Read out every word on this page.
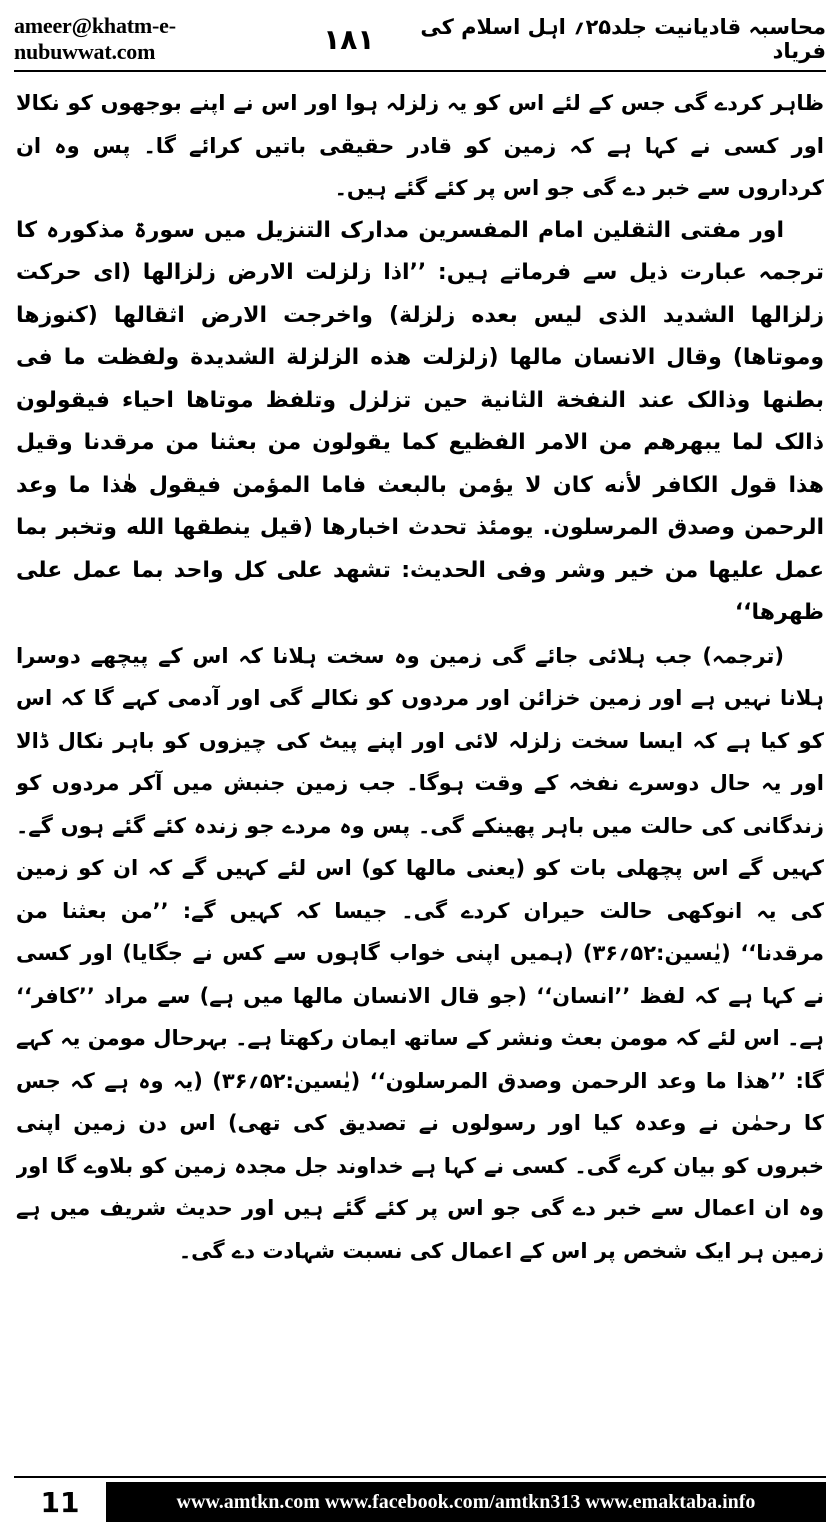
ameer@khatm-e-nubuwwat.com	۱۸۱	محاسبہ قادیانیت جلد۲۵؍ اہل اسلام کی فریاد

ظاہر کردے گی جس کے لئے اس کو یہ زلزلہ ہوا اور اس نے اپنے بوجھوں کو نکالا اور کسی نے کہا ہے کہ زمین کو قادر حقیقی باتیں کرائے گا۔ پس وہ ان کرداروں سے خبر دے گی جو اس پر کئے گئے ہیں۔

اور مفتی الثقلین امام المفسرین مدارک التنزیل میں سورۃ مذکورہ کا ترجمہ عبارت ذیل سے فرماتے ہیں: ’’اذا زلزلت الارض زلزالها (ای حرکت زلزالها الشدید الذی لیس بعده زلزلة) واخرجت الارض اثقالها (کنوزها وموتاها) وقال الانسان مالها (زلزلت هذه الزلزلة الشدیدة ولفظت ما فی بطنها وذالک عند النفخة الثانیة حین تزلزل وتلفظ موتاها احیاء فیقولون ذالک لما یبهرهم من الامر الفظیع کما یقولون من بعثنا من مرقدنا وقیل هذا قول الکافر لأنه کان لا یؤمن بالبعث فاما المؤمن فیقول هٰذا ما وعد الرحمن وصدق المرسلون. یومئذ تحدث اخبارها (قیل ینطقها الله وتخبر بما عمل علیها من خیر وشر وفی الحدیث: تشهد علی کل واحد بما عمل علی ظهرها‘‘

(ترجمہ) جب ہلائی جائے گی زمین وہ سخت ہلانا کہ اس کے پیچھے دوسرا ہلانا نہیں ہے اور زمین خزائن اور مردوں کو نکالے گی اور آدمی کہے گا کہ اس کو کیا ہے کہ ایسا سخت زلزلہ لائی اور اپنے پیٹ کی چیزوں کو باہر نکال ڈالا اور یہ حال دوسرے نفخہ کے وقت ہوگا۔ جب زمین جنبش میں آکر مردوں کو زندگانی کی حالت میں باہر پھینکے گی۔ پس وہ مردے جو زندہ کئے گئے ہوں گے۔ کہیں گے اس پچھلی بات کو (یعنی مالها کو) اس لئے کہیں گے کہ ان کو زمین کی یہ انوکھی حالت حیران کردے گی۔ جیسا کہ کہیں گے: ’’من بعثنا من مرقدنا‘‘ (یٰسین:۵۲؍۳۶) (ہمیں اپنی خواب گاہوں سے کس نے جگایا) اور کسی نے کہا ہے کہ لفظ ’’انسان‘‘ (جو قال الانسان مالها میں ہے) سے مراد ’’کافر‘‘ ہے۔ اس لئے کہ مومن بعث ونشر کے ساتھ ایمان رکھتا ہے۔ بہرحال مومن یہ کہے گا: ’’هذا ما وعد الرحمن وصدق المرسلون‘‘ (یٰسین:۵۲؍۳۶) (یہ وہ ہے کہ جس کا رحمٰن نے وعدہ کیا اور رسولوں نے تصدیق کی تھی) اس دن زمین اپنی خبروں کو بیان کرے گی۔ کسی نے کہا ہے خداوند جل مجدہ زمین کو بلاوے گا اور وہ ان اعمال سے خبر دے گی جو اس پر کئے گئے ہیں اور حدیث شریف میں ہے زمین ہر ایک شخص پر اس کے اعمال کی نسبت شہادت دے گی۔

11	www.amtkn.com www.facebook.com/amtkn313 www.emaktaba.info
